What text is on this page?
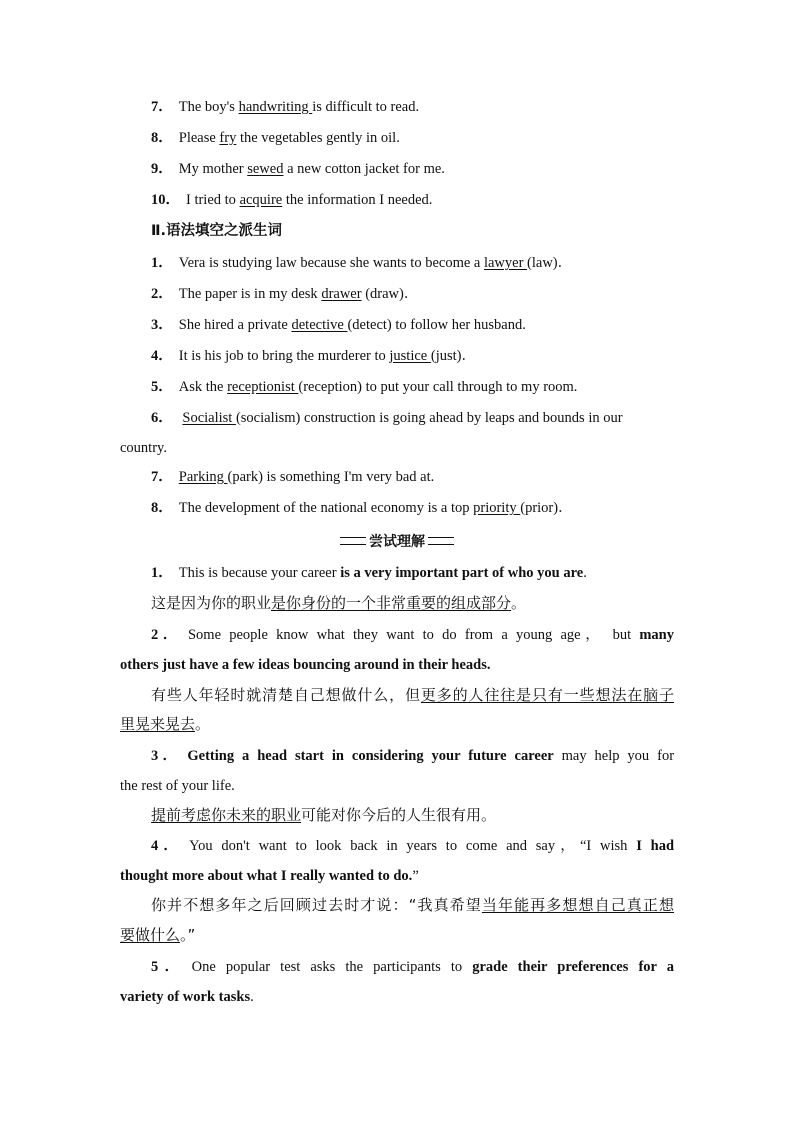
7． The boy's handwriting is difficult to read.
8． Please fry the vegetables gently in oil.
9． My mother sewed a new cotton jacket for me.
10． I tried to acquire the information I needed.
Ⅱ.语法填空之派生词
1． Vera is studying law because she wants to become a lawyer (law)．
2． The paper is in my desk drawer (draw)．
3． She hired a private detective (detect) to follow her husband.
4． It is his job to bring the murderer to justice (just)．
5． Ask the receptionist (reception) to put your call through to my room.
6． Socialist (socialism) construction is going ahead by leaps and bounds in our
country.
7． Parking (park) is something I'm very bad at.
8． The development of the national economy is a top priority (prior)．
尝试理解
1． This is because your career is a very important part of who you are.
这是因为你的职业是你身份的一个非常重要的组成部分。
2． Some people know what they want to do from a young age， but many
others just have a few ideas bouncing around in their heads.
有些人年轻时就清楚自己想做什么，但更多的人往往是只有一些想法在脑子
里晃来晃去。
3． Getting a head start in considering your future career may help you for
the rest of your life.
提前考虑你未来的职业可能对你今后的人生很有用。
4． You don't want to look back in years to come and say，“I wish I had
thought more about what I really wanted to do.”
你并不想多年之后回顾过去时才说：“我真希望当年能再多想想自己真正想
要做什么。”
5． One popular test asks the participants to grade their preferences for a
variety of work tasks.
